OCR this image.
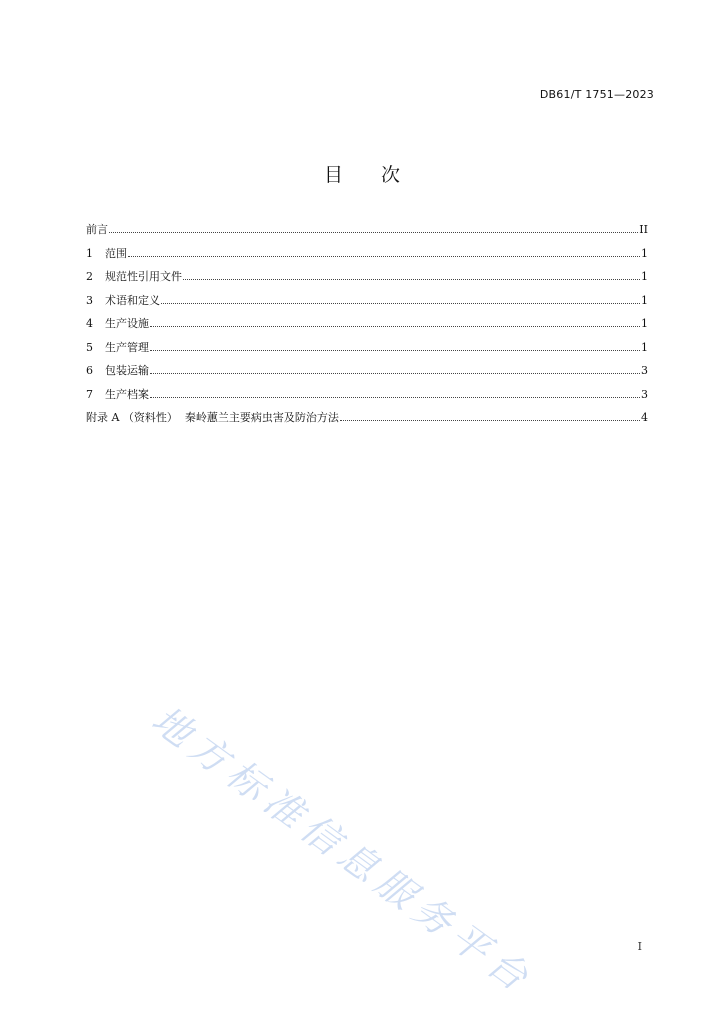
DB61/T 1751—2023
目 次
前言	II
1	范围	1
2	规范性引用文件	1
3	术语和定义	1
4	生产设施	1
5	生产管理	1
6	包装运输	3
7	生产档案	3
附录 A （资料性）  秦岭蕙兰主要病虫害及防治方法	4
地方标准信息服务平台	I
